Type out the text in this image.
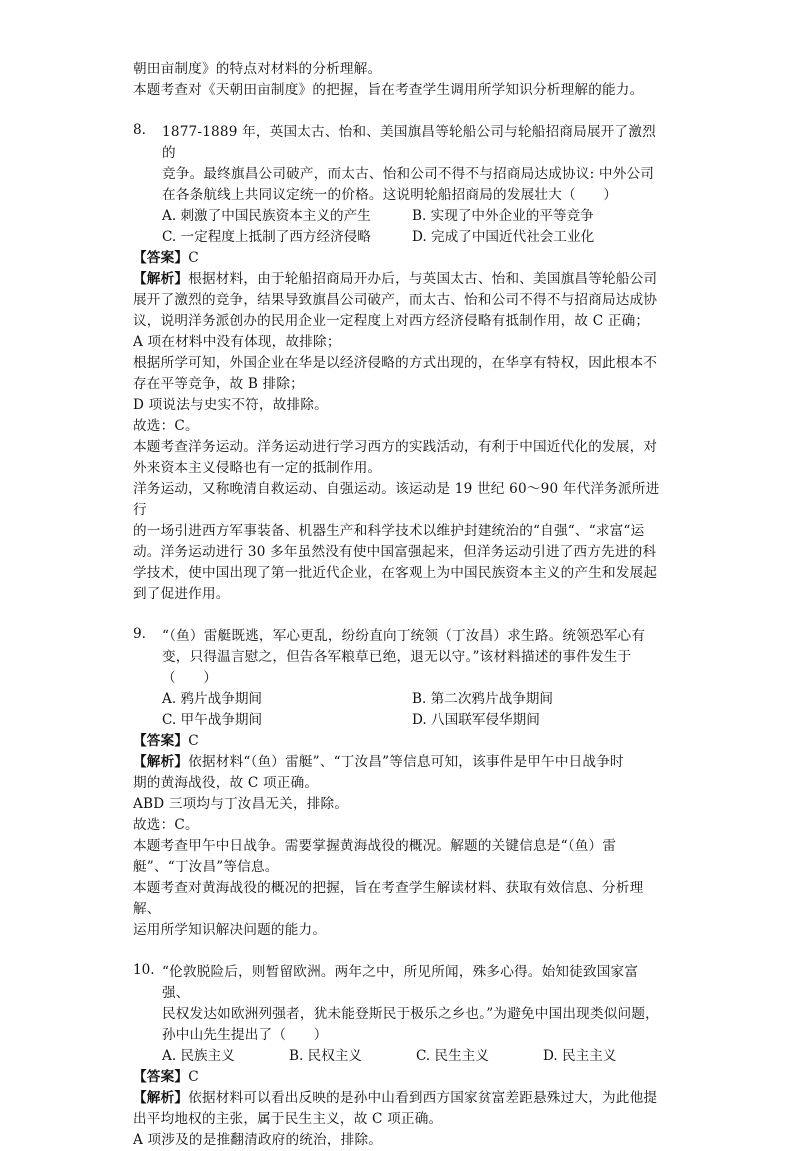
朝田亩制度》的特点对材料的分析理解。

本题考查对《天朝田亩制度》的把握，旨在考查学生调用所学知识分析理解的能力。

8. 1877-1889 年，英国太古、怡和、美国旗昌等轮船公司与轮船招商局展开了激烈的

竞争。最终旗昌公司破产，而太古、怡和公司不得不与招商局达成协议: 中外公司

在各条航线上共同议定统一的价格。这说明轮船招商局的发展壮大（　　）

A. 刺激了中国民族资本主义的产生	B. 实现了中外企业的平等竞争
C. 一定程度上抵制了西方经济侵略	D. 完成了中国近代社会工业化

【答案】C

【解析】根据材料，由于轮船招商局开办后，与英国太古、怡和、美国旗昌等轮船公司

展开了激烈的竞争，结果导致旗昌公司破产，而太古、怡和公司不得不与招商局达成协

议，说明洋务派创办的民用企业一定程度上对西方经济侵略有抵制作用，故 C 正确；

A 项在材料中没有体现，故排除；

根据所学可知，外国企业在华是以经济侵略的方式出现的，在华享有特权，因此根本不

存在平等竞争，故 B 排除；

D 项说法与史实不符，故排除。

故选：C。

本题考查洋务运动。洋务运动进行学习西方的实践活动，有利于中国近代化的发展，对

外来资本主义侵略也有一定的抵制作用。

洋务运动，又称晚清自救运动、自强运动。该运动是 19 世纪 60～90 年代洋务派所进行

的一场引进西方军事装备、机器生产和科学技术以维护封建统治的“自强“、“求富“运

动。洋务运动进行 30 多年虽然没有使中国富强起来，但洋务运动引进了西方先进的科

学技术，使中国出现了第一批近代企业，在客观上为中国民族资本主义的产生和发展起

到了促进作用。

9. “（鱼）雷艇既逃，军心更乱，纷纷直向丁统领（丁汝昌）求生路。统领恐军心有

变，只得温言慰之，但告各军粮草已绝，退无以守。”该材料描述的事件发生于

（　　）

A. 鸦片战争期间	B. 第二次鸦片战争期间
C. 甲午战争期间	D. 八国联军侵华期间

【答案】C

【解析】依据材料“（鱼）雷艇”、“丁汝昌”等信息可知，该事件是甲午中日战争时

期的黄海战役，故 C 项正确。

ABD 三项均与丁汝昌无关，排除。

故选：C。

本题考查甲午中日战争。需要掌握黄海战役的概况。解题的关键信息是“（鱼）雷

艇”、“丁汝昌”等信息。

本题考查对黄海战役的概况的把握，旨在考查学生解读材料、获取有效信息、分析理解、

运用所学知识解决问题的能力。

10. “伦敦脱险后，则暂留欧洲。两年之中，所见所闻，殊多心得。始知徒致国家富强、

民权发达如欧洲列强者，犹未能登斯民于极乐之乡也。”为避免中国出现类似问题，

孙中山先生提出了（　　）

A. 民族主义	B. 民权主义	C. 民生主义	D. 民主主义

【答案】C

【解析】依据材料可以看出反映的是孙中山看到西方国家贫富差距悬殊过大，为此他提

出平均地权的主张，属于民生主义，故 C 项正确。

A 项涉及的是推翻清政府的统治，排除。
